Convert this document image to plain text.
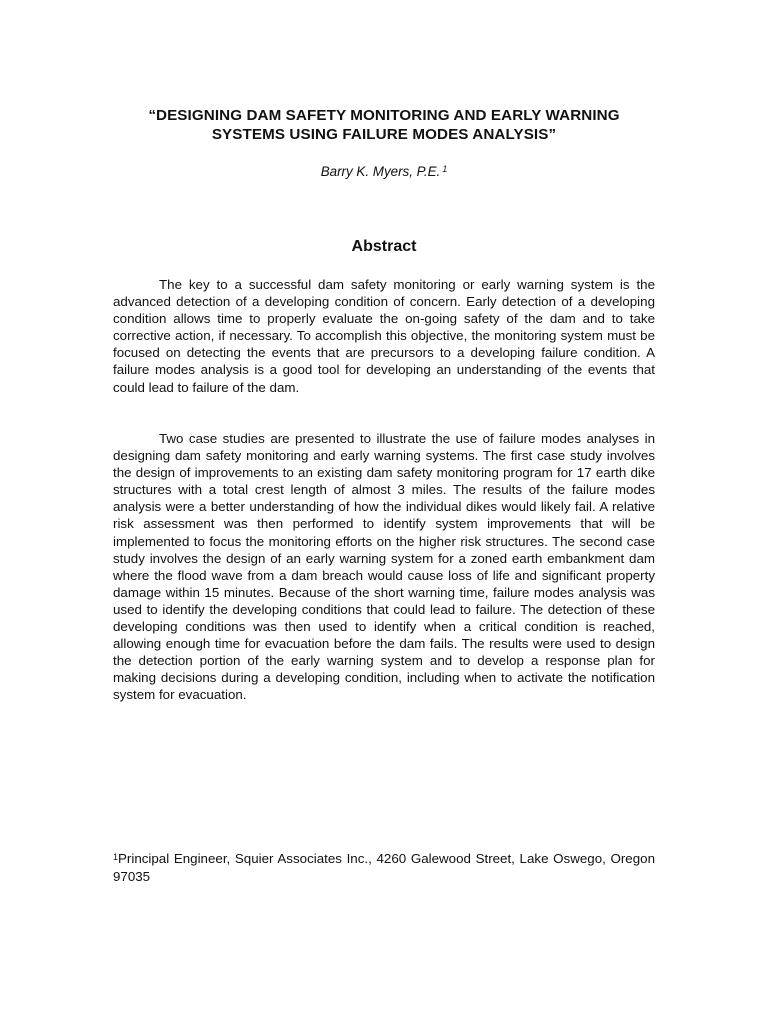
“DESIGNING DAM SAFETY MONITORING AND EARLY WARNING
SYSTEMS USING FAILURE MODES ANALYSIS”

Barry K. Myers, P.E. $^1$

Abstract

The key to a successful dam safety monitoring or early warning system is the advanced detection of a developing condition of concern. Early detection of a developing condition allows time to properly evaluate the on-going safety of the dam and to take corrective action, if necessary. To accomplish this objective, the monitoring system must be focused on detecting the events that are precursors to a developing failure condition. A failure modes analysis is a good tool for developing an understanding of the events that could lead to failure of the dam.

Two case studies are presented to illustrate the use of failure modes analyses in designing dam safety monitoring and early warning systems. The first case study involves the design of improvements to an existing dam safety monitoring program for 17 earth dike structures with a total crest length of almost 3 miles. The results of the failure modes analysis were a better understanding of how the individual dikes would likely fail. A relative risk assessment was then performed to identify system improvements that will be implemented to focus the monitoring efforts on the higher risk structures. The second case study involves the design of an early warning system for a zoned earth embankment dam where the flood wave from a dam breach would cause loss of life and significant property damage within 15 minutes. Because of the short warning time, failure modes analysis was used to identify the developing conditions that could lead to failure. The detection of these developing conditions was then used to identify when a critical condition is reached, allowing enough time for evacuation before the dam fails. The results were used to design the detection portion of the early warning system and to develop a response plan for making decisions during a developing condition, including when to activate the notification system for evacuation.

$^1$Principal Engineer, Squier Associates Inc., 4260 Galewood Street, Lake Oswego, Oregon 97035
